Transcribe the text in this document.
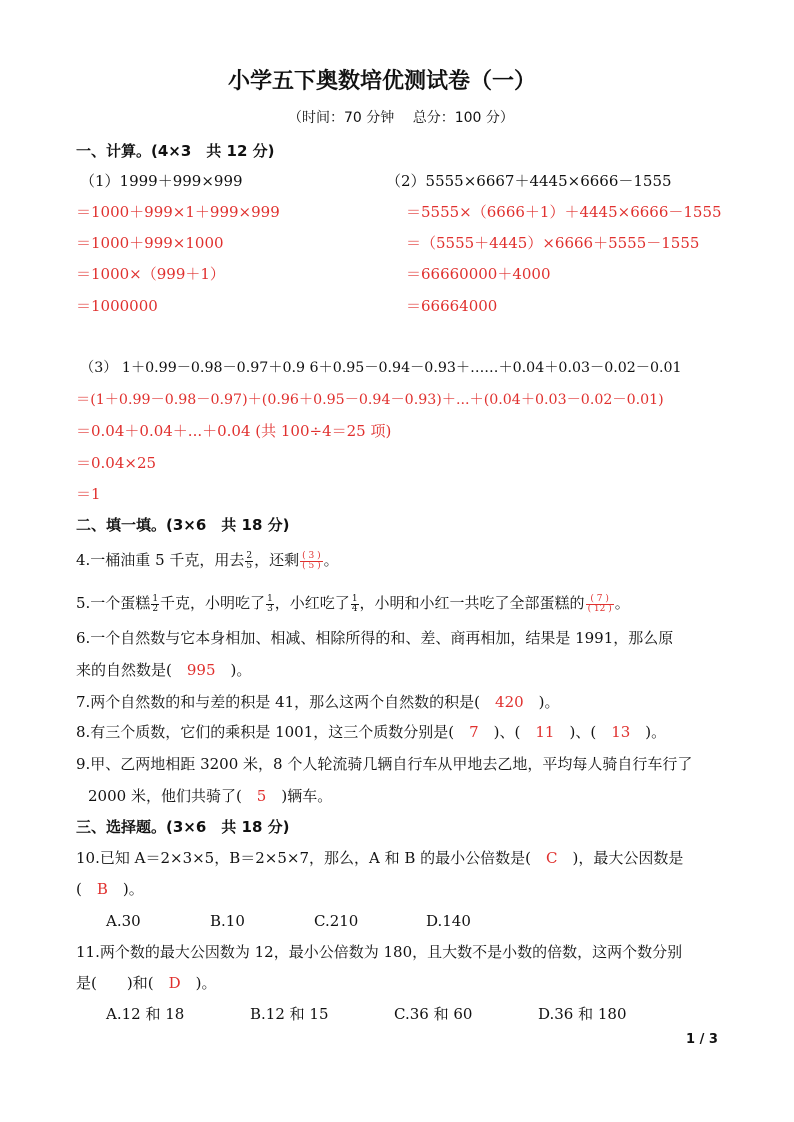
小学五下奥数培优测试卷（一）
（时间：70 分钟　 总分：100 分）
一、计算。(4×3　共 12 分)
（1）1999＋999×999
＝1000＋999×1＋999×999
＝1000＋999×1000
＝1000×（999＋1）
＝1000000
（2）5555×6667＋4445×6666－1555
＝5555×（6666＋1）＋4445×6666－1555
＝（5555＋4445）×6666＋5555－1555
＝66660000＋4000
＝66664000
（3） 1＋0.99－0.98－0.97＋0.9 6＋0.95－0.94－0.93＋……＋0.04＋0.03－0.02－0.01
＝(1＋0.99－0.98－0.97)＋(0.96＋0.95－0.94－0.93)＋...＋(0.04＋0.03－0.02－0.01)
＝0.04＋0.04＋...＋0.04 (共 100÷4＝25 项)
＝0.04×25
＝1
二、填一填。(3×6　共 18 分)
4.一桶油重 5 千克，用去 $\frac{2}{5}$ ，还剩 $\frac{( 3 )}{( 5 )}$ 。
5.一个蛋糕 $\frac{1}{2}$ 千克，小明吃了 $\frac{1}{3}$ ，小红吃了 $\frac{1}{4}$ ，小明和小红一共吃了全部蛋糕的 $\frac{( 7 )}{( 12 )}$ 。
6.一个自然数与它本身相加、相减、相除所得的和、差、商再相加，结果是 1991，那么原
来的自然数是(　995　)。
7.两个自然数的和与差的积是 41，那么这两个自然数的积是(　420　)。
8.有三个质数，它们的乘积是 1001，这三个质数分别是(　7　)、(　11　)、(　13　)。
9.甲、乙两地相距 3200 米，8 个人轮流骑几辆自行车从甲地去乙地，平均每人骑自行车行了
2000 米，他们共骑了(　5　)辆车。
三、选择题。(3×6　共 18 分)
10.已知 A＝2×3×5，B＝2×5×7，那么，A 和 B 的最小公倍数是(　C　)，最大公因数是
(　B　)。
A.30	B.10	C.210	D.140
11.两个数的最大公因数为 12，最小公倍数为 180，且大数不是小数的倍数，这两个数分别
是(　　)和(　D　)。
A.12 和 18	B.12 和 15	C.36 和 60	D.36 和 180
1 / 3
